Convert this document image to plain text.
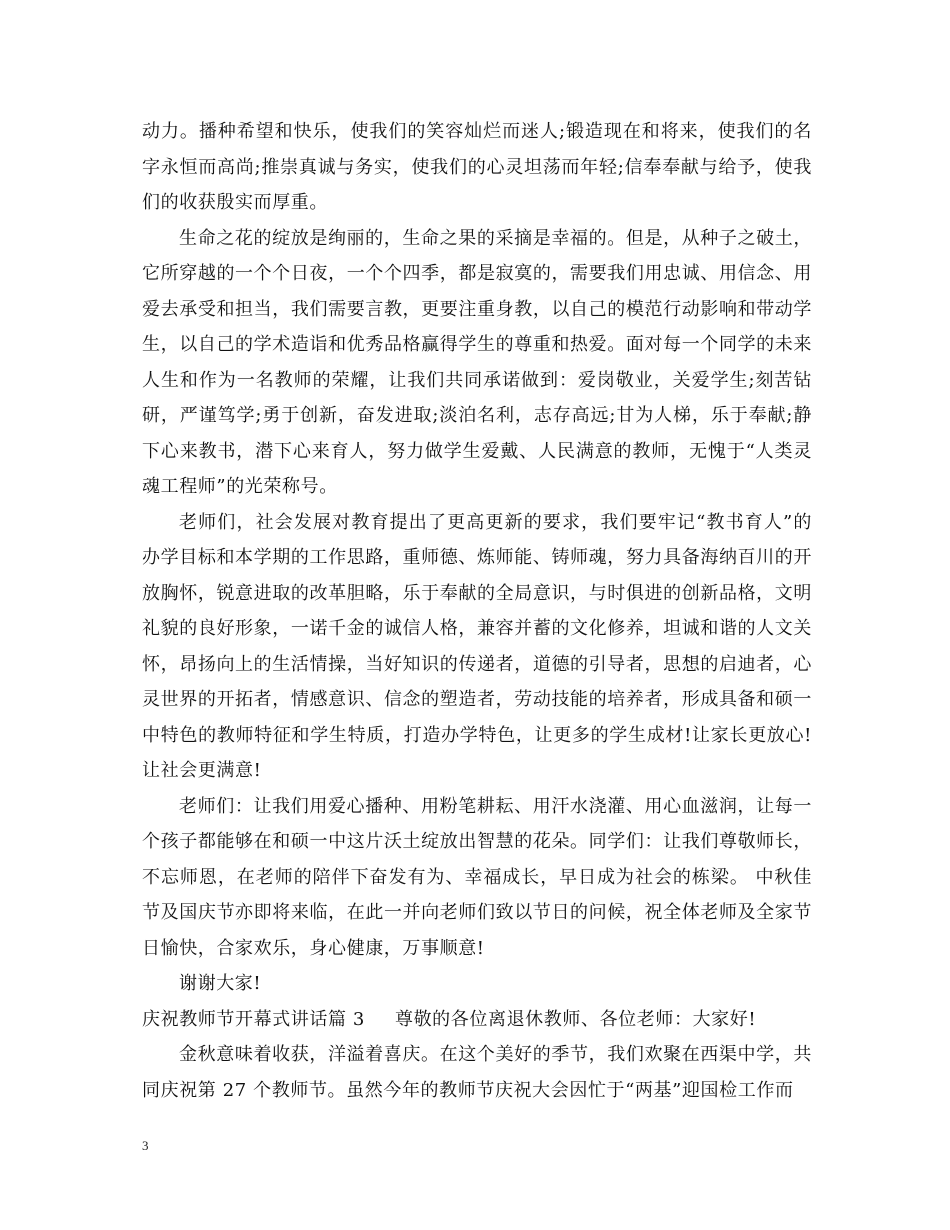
动力。播种希望和快乐，使我们的笑容灿烂而迷人;锻造现在和将来，使我们的名字永恒而高尚;推崇真诚与务实，使我们的心灵坦荡而年轻;信奉奉献与给予，使我们的收获殷实而厚重。

生命之花的绽放是绚丽的，生命之果的采摘是幸福的。但是，从种子之破土，它所穿越的一个个日夜，一个个四季，都是寂寞的，需要我们用忠诚、用信念、用爱去承受和担当，我们需要言教，更要注重身教，以自己的模范行动影响和带动学生，以自己的学术造诣和优秀品格赢得学生的尊重和热爱。面对每一个同学的未来人生和作为一名教师的荣耀，让我们共同承诺做到：爱岗敬业，关爱学生;刻苦钻研，严谨笃学;勇于创新，奋发进取;淡泊名利，志存高远;甘为人梯，乐于奉献;静下心来教书，潜下心来育人，努力做学生爱戴、人民满意的教师，无愧于“人类灵魂工程师”的光荣称号。

老师们，社会发展对教育提出了更高更新的要求，我们要牢记“教书育人”的办学目标和本学期的工作思路，重师德、炼师能、铸师魂，努力具备海纳百川的开放胸怀，锐意进取的改革胆略，乐于奉献的全局意识，与时俱进的创新品格，文明礼貌的良好形象，一诺千金的诚信人格，兼容并蓄的文化修养，坦诚和谐的人文关怀，昂扬向上的生活情操，当好知识的传递者，道德的引导者，思想的启迪者，心灵世界的开拓者，情感意识、信念的塑造者，劳动技能的培养者，形成具备和硕一中特色的教师特征和学生特质，打造办学特色，让更多的学生成材!让家长更放心!让社会更满意!

老师们：让我们用爱心播种、用粉笔耕耘、用汗水浇灌、用心血滋润，让每一个孩子都能够在和硕一中这片沃土绽放出智慧的花朵。同学们：让我们尊敬师长，不忘师恩，在老师的陪伴下奋发有为、幸福成长，早日成为社会的栋梁。 中秋佳节及国庆节亦即将来临，在此一并向老师们致以节日的问候，祝全体老师及全家节日愉快，合家欢乐，身心健康，万事顺意!

谢谢大家!

庆祝教师节开幕式讲话篇 3 尊敬的各位离退休教师、各位老师：大家好!

金秋意味着收获，洋溢着喜庆。在这个美好的季节，我们欢聚在西渠中学，共同庆祝第 27 个教师节。虽然今年的教师节庆祝大会因忙于“两基”迎国检工作而

3
